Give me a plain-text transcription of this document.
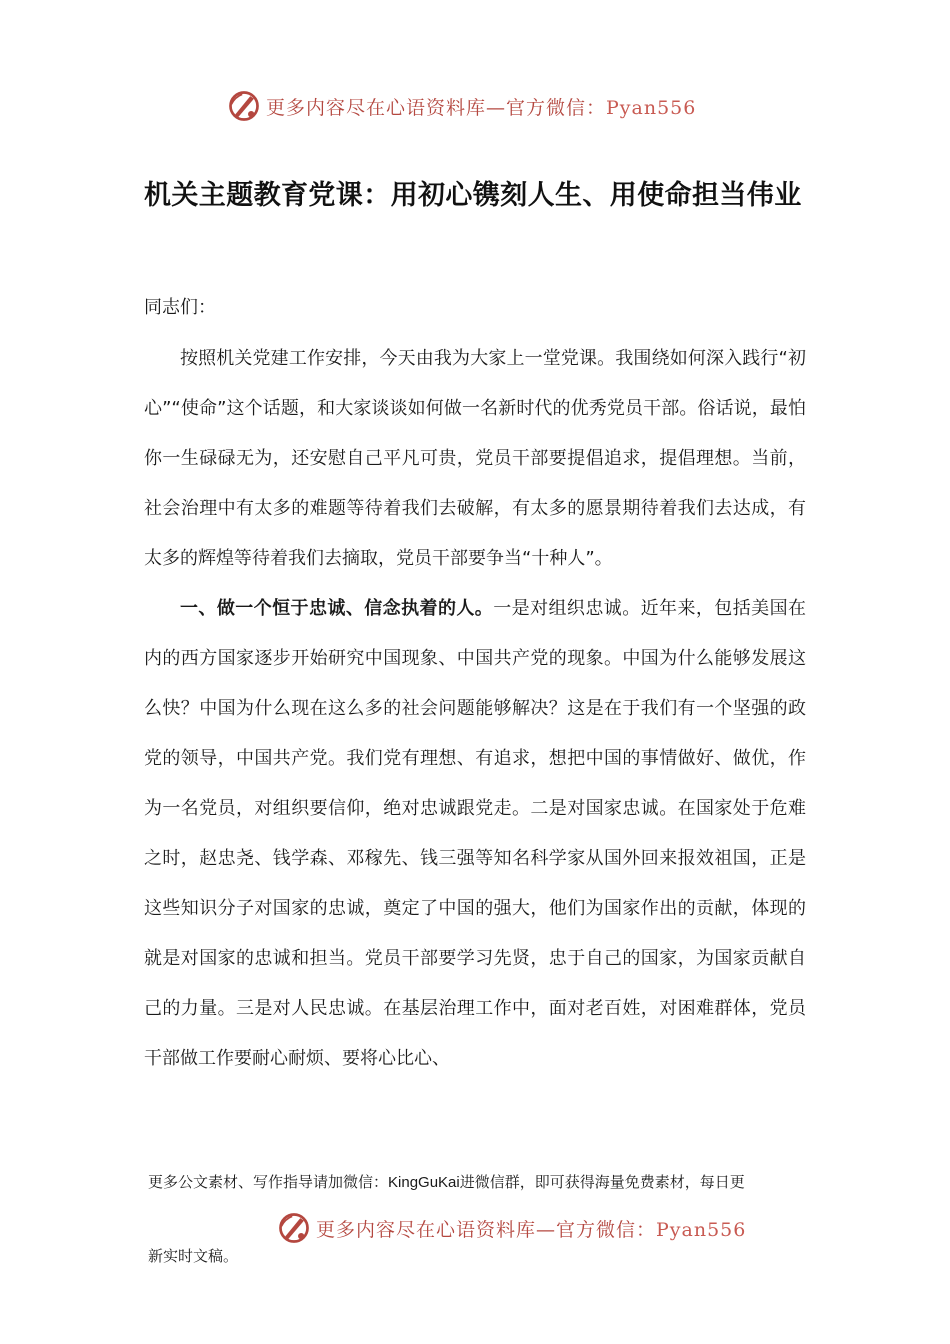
更多内容尽在心语资料库—官方微信：Pyan556
机关主题教育党课：用初心镌刻人生、用使命担当伟业

同志们：

按照机关党建工作安排，今天由我为大家上一堂党课。我围绕如何深入践行“初心”“使命”这个话题，和大家谈谈如何做一名新时代的优秀党员干部。俗话说，最怕你一生碌碌无为，还安慰自己平凡可贵，党员干部要提倡追求，提倡理想。当前，社会治理中有太多的难题等待着我们去破解，有太多的愿景期待着我们去达成，有太多的辉煌等待着我们去摘取，党员干部要争当“十种人”。

一、做一个恒于忠诚、信念执着的人。一是对组织忠诚。近年来，包括美国在内的西方国家逐步开始研究中国现象、中国共产党的现象。中国为什么能够发展这么快？中国为什么现在这么多的社会问题能够解决？这是在于我们有一个坚强的政党的领导，中国共产党。我们党有理想、有追求，想把中国的事情做好、做优，作为一名党员，对组织要信仰，绝对忠诚跟党走。二是对国家忠诚。在国家处于危难之时，赵忠尧、钱学森、邓稼先、钱三强等知名科学家从国外回来报效祖国，正是这些知识分子对国家的忠诚，奠定了中国的强大，他们为国家作出的贡献，体现的就是对国家的忠诚和担当。党员干部要学习先贤，忠于自己的国家，为国家贡献自己的力量。三是对人民忠诚。在基层治理工作中，面对老百姓，对困难群体，党员干部做工作要耐心耐烦、要将心比心、

更多公文素材、写作指导请加微信：KingGuKai进微信群，即可获得海量免费素材，每日更

更多内容尽在心语资料库—官方微信：Pyan556

新实时文稿。
